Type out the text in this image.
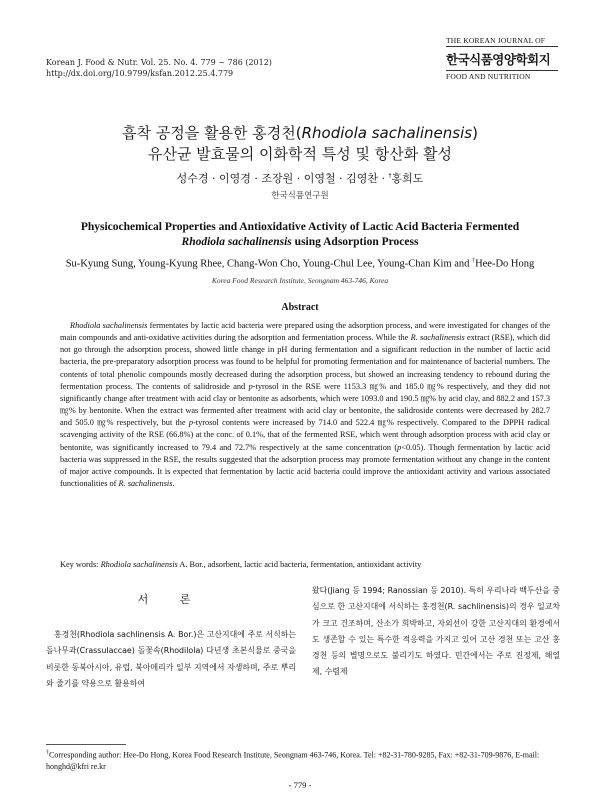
Korean J. Food & Nutr. Vol. 25. No. 4. 779 ~ 786 (2012)
http://dx.doi.org/10.9799/ksfan.2012.25.4.779
THE KOREAN JOURNAL OF
한국식품영양학회지
FOOD AND NUTRITION
흡착 공정을 활용한 홍경천(Rhodiola sachalinensis)
유산균 발효물의 이화학적 특성 및 항산화 활성
성수경 · 이영경 · 조장원 · 이영철 · 김영찬 · †홍희도
한국식품연구원
Physicochemical Properties and Antioxidative Activity of Lactic Acid Bacteria Fermented
Rhodiola sachalinensis using Adsorption Process
Su-Kyung Sung, Young-Kyung Rhee, Chang-Won Cho, Young-Chul Lee, Young-Chan Kim and †Hee-Do Hong
Korea Food Research Institute, Seongnam 463-746, Korea
Abstract

Rhodiola sachalinensis fermentates by lactic acid bacteria were prepared using the adsorption process, and were investigated for changes of the main compounds and anti-oxidative activities during the adsorption and fermentation process. While the R. sachalinensis extract (RSE), which did not go through the adsorption process, showed little change in pH during fermentation and a significant reduction in the number of lactic acid bacteria, the pre-preparatory adsorption process was found to be helpful for promoting fermentation and for maintenance of bacterial numbers. The contents of total phenolic compounds mostly decreased during the adsorption process, but showed an increasing tendency to rebound during the fermentation process. The contents of salidroside and p-tyrosol in the RSE were 1153.3 ㎎% and 185.0 ㎎% respectively, and they did not significantly change after treatment with acid clay or bentonite as adsorbents, which were 1093.0 and 190.5 ㎎% by acid clay, and 882.2 and 157.3 ㎎% by bentonite. When the extract was fermented after treatment with acid clay or bentonite, the salidroside contents were decreased by 282.7 and 505.0 ㎎% respectively, but the p-tyrosol contents were increased by 714.0 and 522.4 ㎎% respectively. Compared to the DPPH radical scavenging activity of the RSE (66.8%) at the conc. of 0.1%, that of the fermented RSE, which went through adsorption process with acid clay or bentonite, was significantly increased to 79.4 and 72.7% respectively at the same concentration (p<0.05). Though fermentation by lactic acid bacteria was suppressed in the RSE, the results suggested that the adsorption process may promote fermentation without any change in the content of major active compounds. It is expected that fermentation by lactic acid bacteria could improve the antioxidant activity and various associated functionalities of R. sachalinensis.

Key words: Rhodiola sachalinensis A. Bor., adsorbent, lactic acid bacteria, fermentation, antioxidant activity
서 론

홍경천(Rhodiola sachlinensis A. Bor.)은 고산지대에 주로 서식하는 돌나무과(Crassulaccae) 돌꽃속(Rhodilola) 다년생 초본식물로 중국을 비롯한 동북아시아, 유럽, 북아메리카 일부 지역에서 자생하며, 주로 뿌리와 줄기를 약용으로 활용하여

왔다(Jiang 등 1994; Ranossian 등 2010). 특히 우리나라 백두산을 중심으로 한 고산지대에 서식하는 홍경천(R. sachlinensis)의 경우 일교차가 크고 건조하며, 산소가 희박하고, 자외선이 강한 고산지대의 환경에서도 생존할 수 있는 특수한 적응력을 가지고 있어 고산 경천 또는 고산 홍경천 등의 별명으로도 불리기도 하였다. 민간에서는 주로 진정제, 해열제, 수렴제

†Corresponding author: Hee-Do Hong, Korea Food Research Institute, Seongnam 463-746, Korea. Tel: +82-31-780-9285, Fax: +82-31-709-9876, E-mail: honghd@kfri re.kr
- 779 -
